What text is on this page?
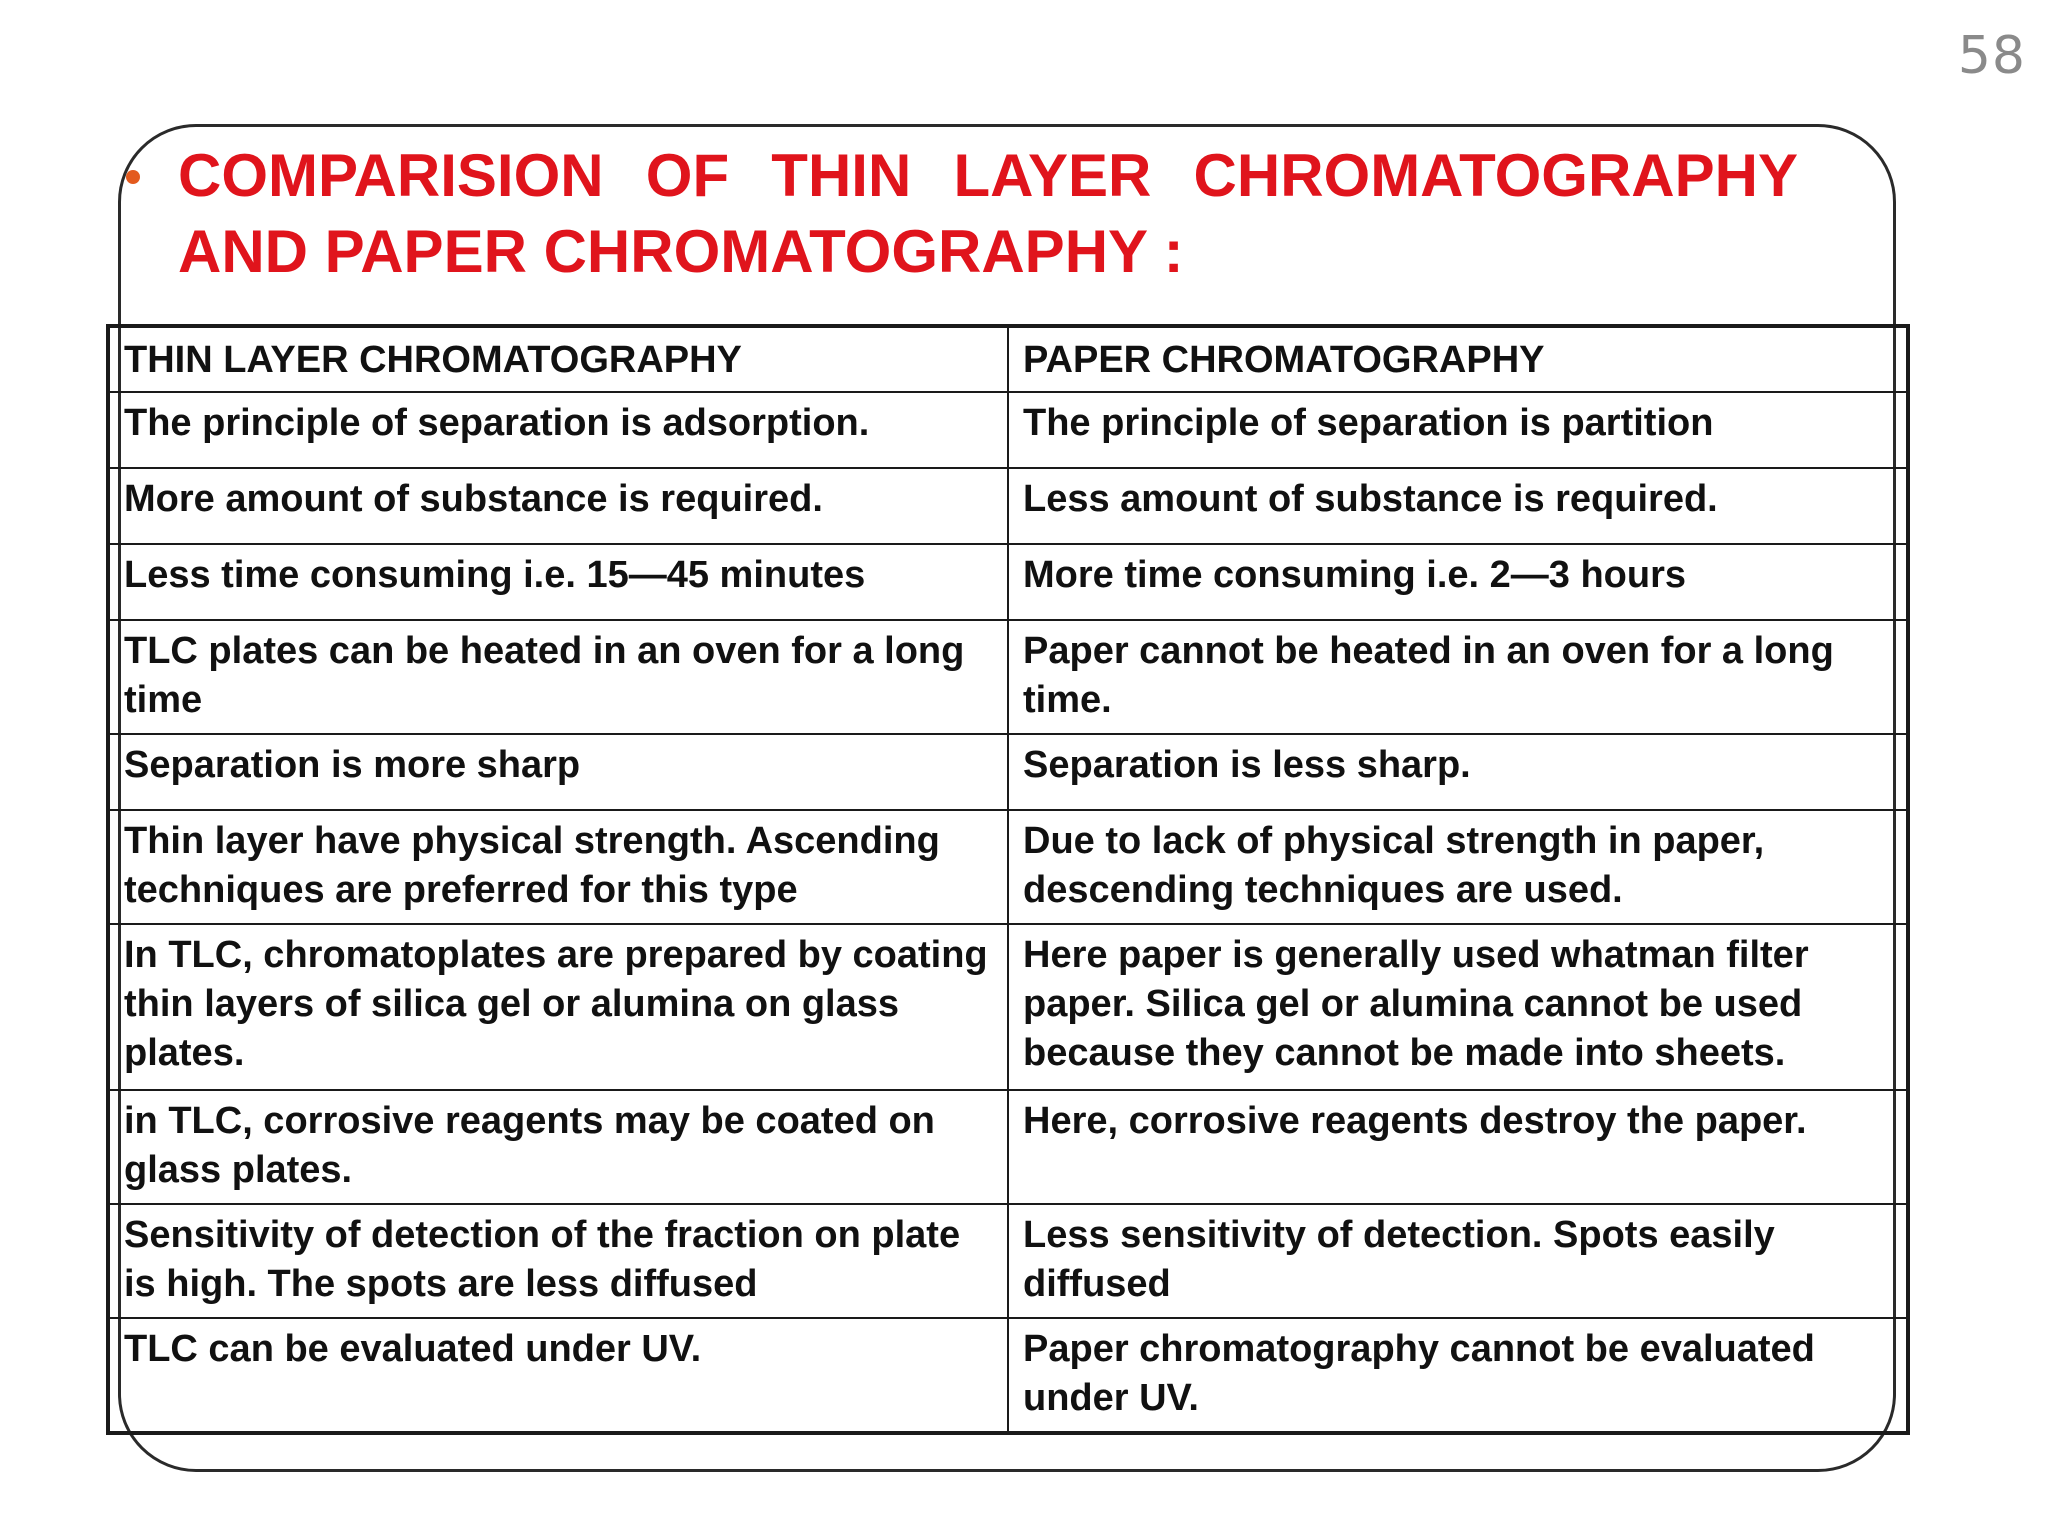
58
COMPARISION OF THIN LAYER CHROMATOGRAPHY
AND PAPER CHROMATOGRAPHY :
THIN LAYER CHROMATOGRAPHY	PAPER CHROMATOGRAPHY
The principle of separation is adsorption.	The principle of separation is partition
More amount of substance is required.	Less amount of substance is required.
Less time consuming i.e. 15—45 minutes	More time consuming i.e. 2—3 hours
TLC plates can be heated in an oven for a long time	Paper cannot be heated in an oven for a long time.
Separation is more sharp	Separation is less sharp.
Thin layer have physical strength. Ascending techniques are preferred for this type	Due to lack of physical strength in paper, descending techniques are used.
In TLC, chromatoplates are prepared by coating thin layers of silica gel or alumina on glass plates.	Here paper is generally used whatman filter paper. Silica gel or alumina cannot be used because they cannot be made into sheets.
in TLC, corrosive reagents may be coated on glass plates.	Here, corrosive reagents destroy the paper.
Sensitivity of detection of the fraction on plate is high. The spots are less diffused	Less sensitivity of detection. Spots easily diffused
TLC can be evaluated under UV.	Paper chromatography cannot be evaluated under UV.
